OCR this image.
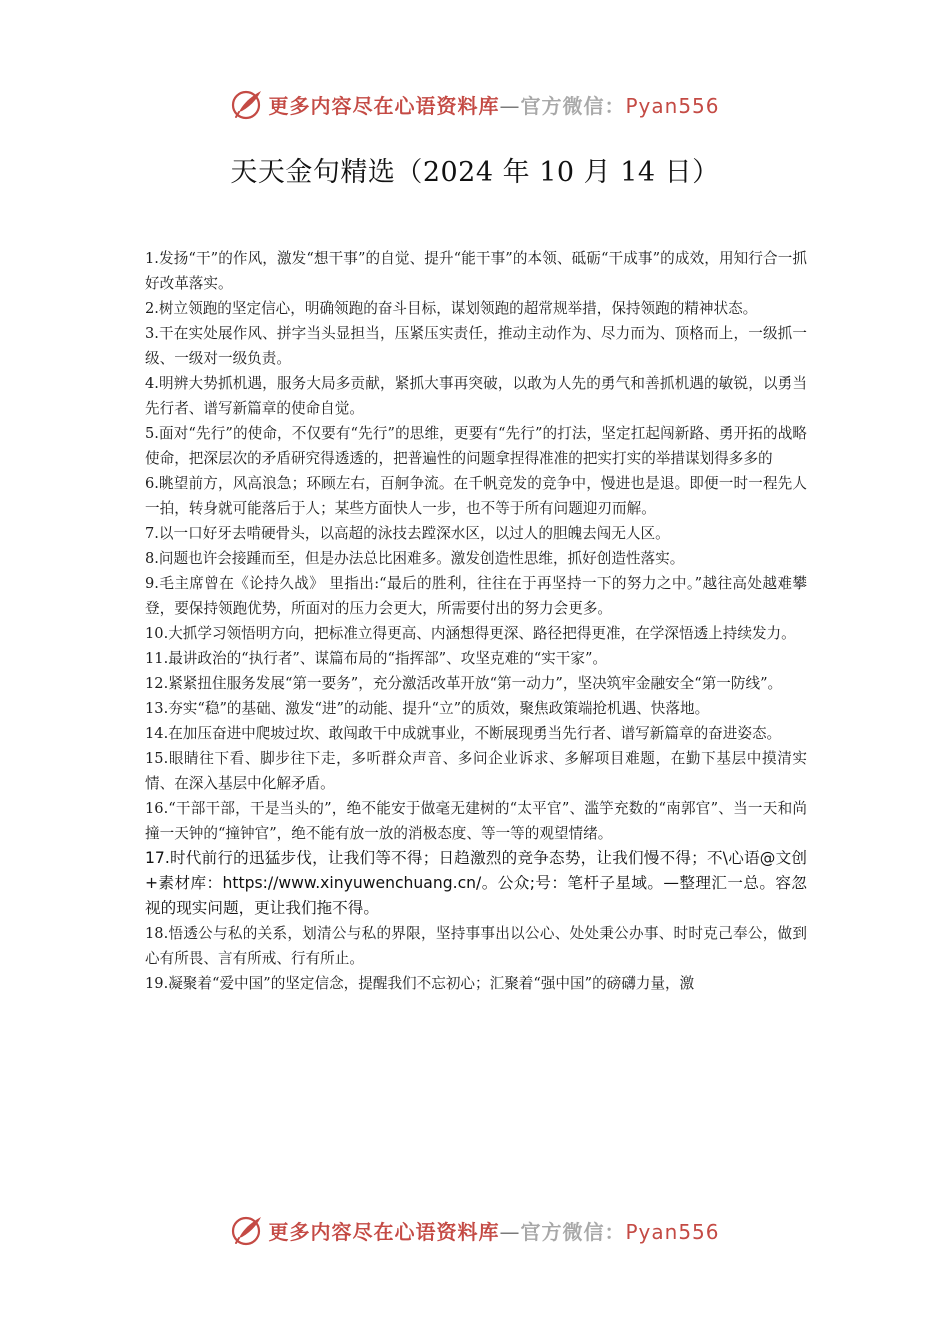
更多内容尽在心语资料库—官方微信：Pyan556
天天金句精选（2024 年 10 月 14 日）

1.发扬“干”的作风，激发“想干事”的自觉、提升“能干事”的本领、砥砺“干成事”的成效，用知行合一抓好改革落实。

2.树立领跑的坚定信心，明确领跑的奋斗目标，谋划领跑的超常规举措，保持领跑的精神状态。

3.干在实处展作风、拼字当头显担当，压紧压实责任，推动主动作为、尽力而为、顶格而上，一级抓一级、一级对一级负责。

4.明辨大势抓机遇，服务大局多贡献，紧抓大事再突破，以敢为人先的勇气和善抓机遇的敏锐，以勇当先行者、谱写新篇章的使命自觉。

5.面对“先行”的使命，不仅要有“先行”的思维，更要有“先行”的打法，坚定扛起闯新路、勇开拓的战略使命，把深层次的矛盾研究得透透的，把普遍性的问题拿捏得准准的把实打实的举措谋划得多多的

6.眺望前方，风高浪急；环顾左右，百舸争流。在千帆竞发的竞争中，慢进也是退。即便一时一程先人一拍，转身就可能落后于人；某些方面快人一步，也不等于所有问题迎刃而解。

7.以一口好牙去啃硬骨头，以高超的泳技去蹚深水区，以过人的胆魄去闯无人区。

8.问题也许会接踵而至，但是办法总比困难多。激发创造性思维，抓好创造性落实。

9.毛主席曾在《论持久战》 里指出:“最后的胜利，往往在于再坚持一下的努力之中。”越往高处越难攀登，要保持领跑优势，所面对的压力会更大，所需要付出的努力会更多。

10.大抓学习领悟明方向，把标准立得更高、内涵想得更深、路径把得更准，在学深悟透上持续发力。

11.最讲政治的“执行者”、谋篇布局的“指挥部”、攻坚克难的“实干家”。

12.紧紧扭住服务发展“第一要务”，充分激活改革开放“第一动力”，坚决筑牢金融安全“第一防线”。

13.夯实“稳”的基础、激发“进”的动能、提升“立”的质效，聚焦政策端抢机遇、快落地。

14.在加压奋进中爬坡过坎、敢闯敢干中成就事业，不断展现勇当先行者、谱写新篇章的奋进姿态。

15.眼睛往下看、脚步往下走，多听群众声音、多问企业诉求、多解项目难题，在勤下基层中摸清实情、在深入基层中化解矛盾。

16.“干部干部，干是当头的”，绝不能安于做毫无建树的“太平官”、滥竽充数的“南郭官”、当一天和尚撞一天钟的“撞钟官”，绝不能有放一放的消极态度、等一等的观望情绪。

17.时代前行的迅猛步伐，让我们等不得；日趋激烈的竞争态势，让我们慢不得；不\心语@文创+素材库：https://www.xinyuwenchuang.cn/。公众;号：笔杆子星域。—整理汇一总。容忽视的现实问题，更让我们拖不得。

18.悟透公与私的关系，划清公与私的界限，坚持事事出以公心、处处秉公办事、时时克己奉公，做到心有所畏、言有所戒、行有所止。

19.凝聚着“爱中国”的坚定信念，提醒我们不忘初心；汇聚着“强中国”的磅礴力量，激

更多内容尽在心语资料库—官方微信：Pyan556
